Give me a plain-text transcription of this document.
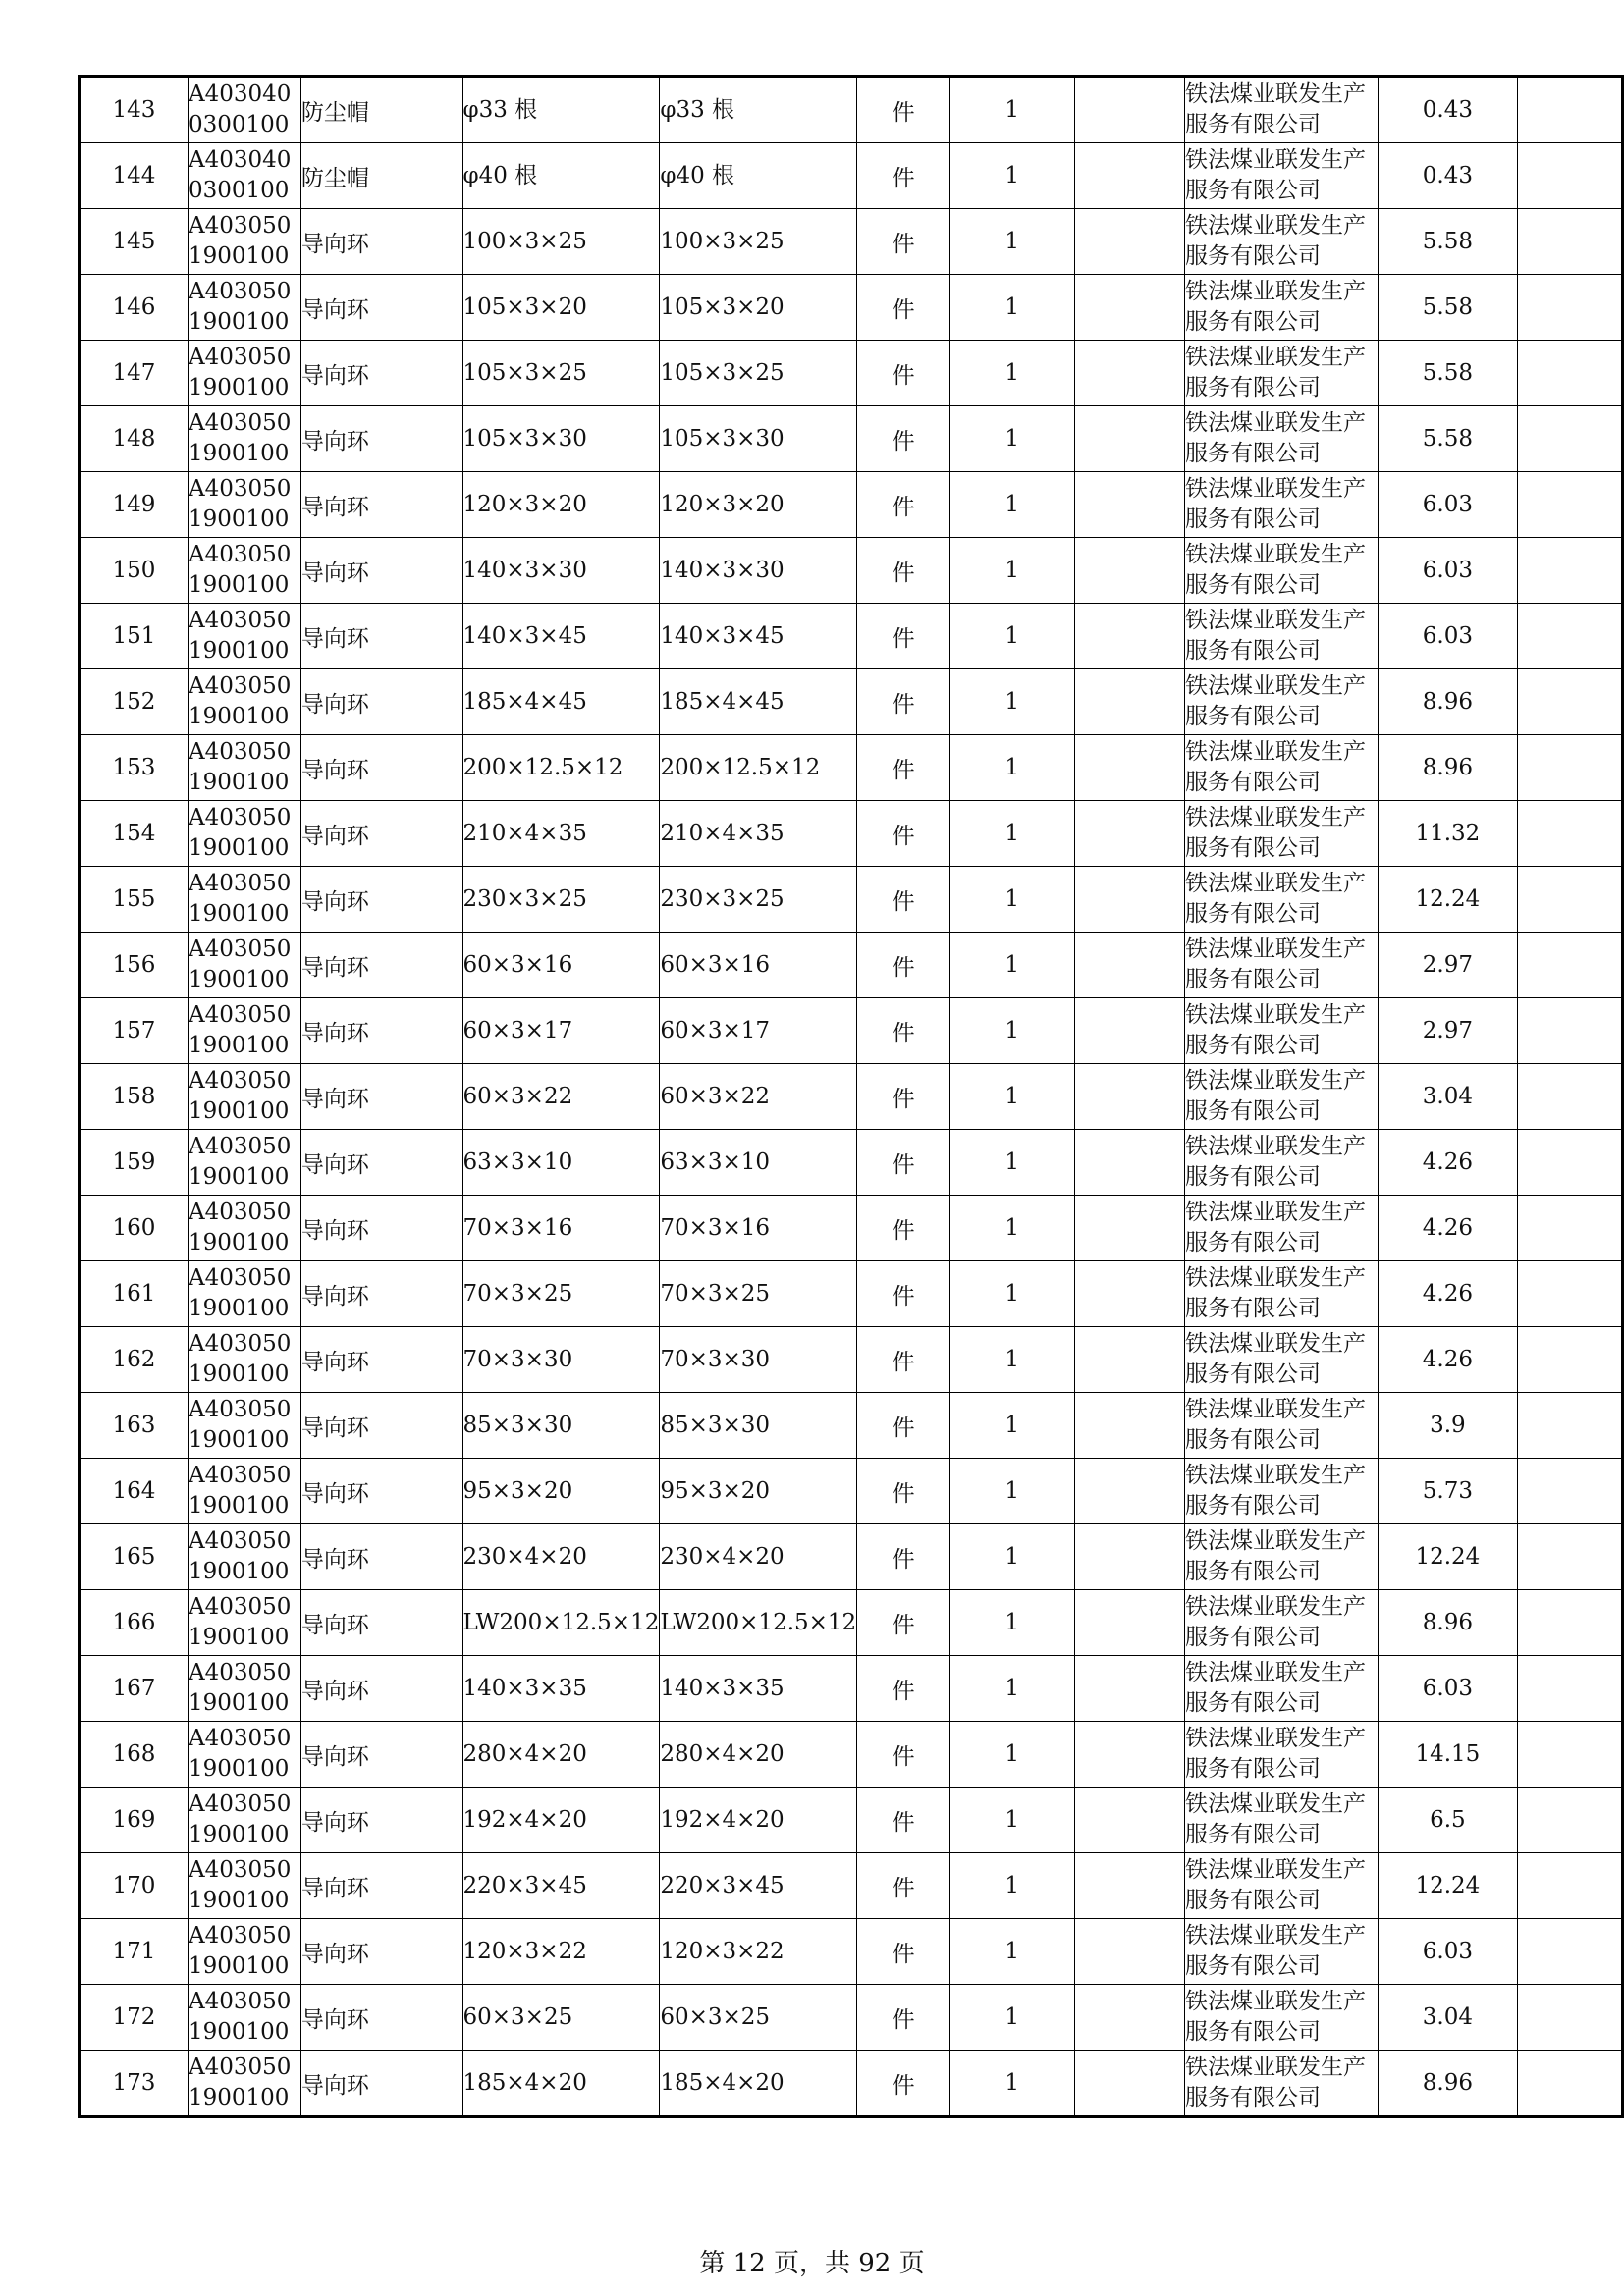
143	A4030400300100	防尘帽	φ33 根	φ33 根	件	1		铁法煤业联发生产服务有限公司	0.43	
144	A4030400300100	防尘帽	φ40 根	φ40 根	件	1		铁法煤业联发生产服务有限公司	0.43	
145	A4030501900100	导向环	100×3×25	100×3×25	件	1		铁法煤业联发生产服务有限公司	5.58	
146	A4030501900100	导向环	105×3×20	105×3×20	件	1		铁法煤业联发生产服务有限公司	5.58	
147	A4030501900100	导向环	105×3×25	105×3×25	件	1		铁法煤业联发生产服务有限公司	5.58	
148	A4030501900100	导向环	105×3×30	105×3×30	件	1		铁法煤业联发生产服务有限公司	5.58	
149	A4030501900100	导向环	120×3×20	120×3×20	件	1		铁法煤业联发生产服务有限公司	6.03	
150	A4030501900100	导向环	140×3×30	140×3×30	件	1		铁法煤业联发生产服务有限公司	6.03	
151	A4030501900100	导向环	140×3×45	140×3×45	件	1		铁法煤业联发生产服务有限公司	6.03	
152	A4030501900100	导向环	185×4×45	185×4×45	件	1		铁法煤业联发生产服务有限公司	8.96	
153	A4030501900100	导向环	200×12.5×12	200×12.5×12	件	1		铁法煤业联发生产服务有限公司	8.96	
154	A4030501900100	导向环	210×4×35	210×4×35	件	1		铁法煤业联发生产服务有限公司	11.32	
155	A4030501900100	导向环	230×3×25	230×3×25	件	1		铁法煤业联发生产服务有限公司	12.24	
156	A4030501900100	导向环	60×3×16	60×3×16	件	1		铁法煤业联发生产服务有限公司	2.97	
157	A4030501900100	导向环	60×3×17	60×3×17	件	1		铁法煤业联发生产服务有限公司	2.97	
158	A4030501900100	导向环	60×3×22	60×3×22	件	1		铁法煤业联发生产服务有限公司	3.04	
159	A4030501900100	导向环	63×3×10	63×3×10	件	1		铁法煤业联发生产服务有限公司	4.26	
160	A4030501900100	导向环	70×3×16	70×3×16	件	1		铁法煤业联发生产服务有限公司	4.26	
161	A4030501900100	导向环	70×3×25	70×3×25	件	1		铁法煤业联发生产服务有限公司	4.26	
162	A4030501900100	导向环	70×3×30	70×3×30	件	1		铁法煤业联发生产服务有限公司	4.26	
163	A4030501900100	导向环	85×3×30	85×3×30	件	1		铁法煤业联发生产服务有限公司	3.9	
164	A4030501900100	导向环	95×3×20	95×3×20	件	1		铁法煤业联发生产服务有限公司	5.73	
165	A4030501900100	导向环	230×4×20	230×4×20	件	1		铁法煤业联发生产服务有限公司	12.24	
166	A4030501900100	导向环	LW200×12.5×12	LW200×12.5×12	件	1		铁法煤业联发生产服务有限公司	8.96	
167	A4030501900100	导向环	140×3×35	140×3×35	件	1		铁法煤业联发生产服务有限公司	6.03	
168	A4030501900100	导向环	280×4×20	280×4×20	件	1		铁法煤业联发生产服务有限公司	14.15	
169	A4030501900100	导向环	192×4×20	192×4×20	件	1		铁法煤业联发生产服务有限公司	6.5	
170	A4030501900100	导向环	220×3×45	220×3×45	件	1		铁法煤业联发生产服务有限公司	12.24	
171	A4030501900100	导向环	120×3×22	120×3×22	件	1		铁法煤业联发生产服务有限公司	6.03	
172	A4030501900100	导向环	60×3×25	60×3×25	件	1		铁法煤业联发生产服务有限公司	3.04	
173	A4030501900100	导向环	185×4×20	185×4×20	件	1		铁法煤业联发生产服务有限公司	8.96	
第 12 页，共 92 页
